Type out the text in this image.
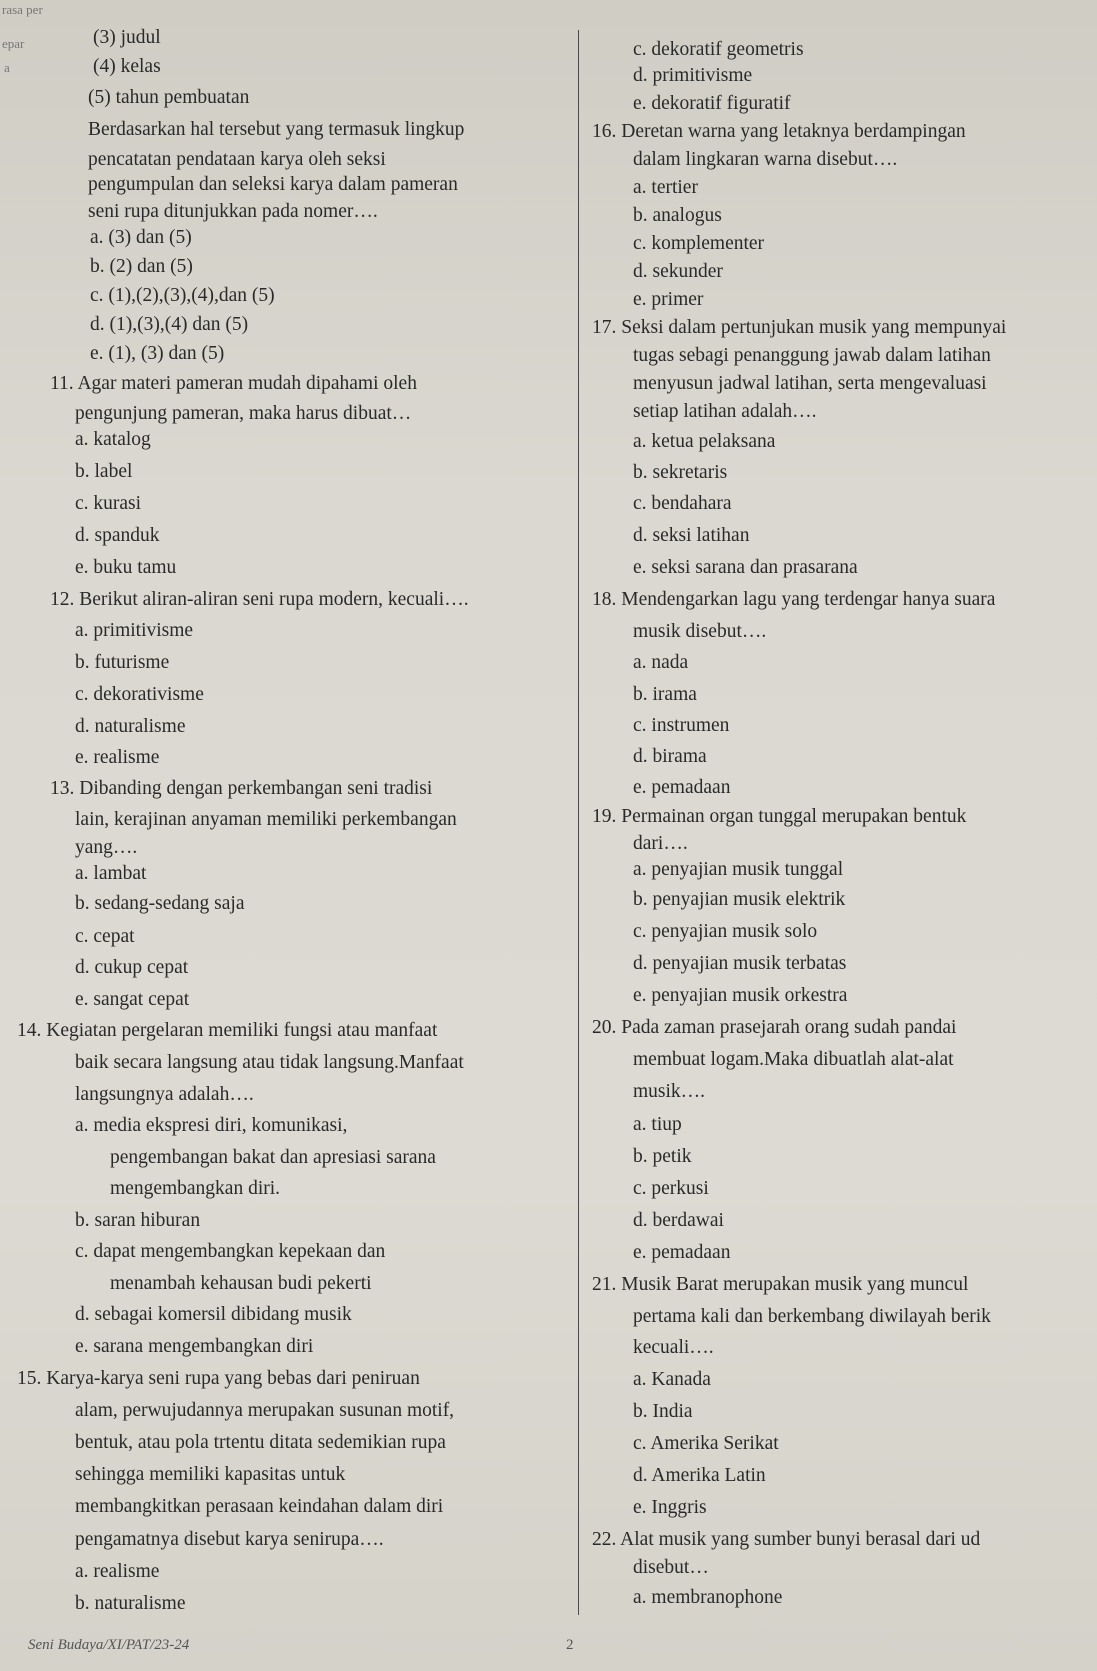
rasa per
epar
a
(3) judul
(4) kelas
(5) tahun pembuatan
Berdasarkan hal tersebut yang termasuk lingkup
pencatatan pendataan karya oleh seksi
pengumpulan dan seleksi karya dalam pameran
seni rupa ditunjukkan pada nomer….
a. (3) dan (5)
b. (2) dan (5)
c. (1),(2),(3),(4),dan (5)
d. (1),(3),(4) dan (5)
e. (1), (3) dan (5)
11. Agar materi pameran mudah dipahami oleh
pengunjung pameran, maka harus dibuat…
a. katalog
b. label
c. kurasi
d. spanduk
e. buku tamu
12. Berikut aliran-aliran seni rupa modern, kecuali….
a. primitivisme
b. futurisme
c. dekorativisme
d. naturalisme
e. realisme
13. Dibanding dengan perkembangan seni tradisi
lain, kerajinan anyaman memiliki perkembangan
yang….
a. lambat
b. sedang-sedang saja
c. cepat
d. cukup cepat
e. sangat cepat
14. Kegiatan pergelaran memiliki fungsi atau manfaat
baik secara langsung atau tidak langsung.Manfaat
langsungnya adalah….
a. media ekspresi diri, komunikasi,
pengembangan bakat dan apresiasi sarana
mengembangkan diri.
b. saran hiburan
c. dapat mengembangkan kepekaan dan
menambah kehausan budi pekerti
d. sebagai komersil dibidang musik
e. sarana mengembangkan diri
15. Karya-karya seni rupa yang bebas dari peniruan
alam, perwujudannya merupakan susunan motif,
bentuk, atau pola trtentu ditata sedemikian rupa
sehingga memiliki kapasitas untuk
membangkitkan perasaan keindahan dalam diri
pengamatnya disebut karya senirupa….
a. realisme
b. naturalisme
c. dekoratif geometris
d. primitivisme
e. dekoratif figuratif
16. Deretan warna yang letaknya berdampingan
dalam lingkaran warna disebut….
a. tertier
b. analogus
c. komplementer
d. sekunder
e. primer
17. Seksi dalam pertunjukan musik yang mempunyai
tugas sebagi penanggung jawab dalam latihan
menyusun jadwal latihan, serta mengevaluasi
setiap latihan adalah….
a. ketua pelaksana
b. sekretaris
c. bendahara
d. seksi latihan
e. seksi sarana dan prasarana
18. Mendengarkan lagu yang terdengar hanya suara
musik disebut….
a. nada
b. irama
c. instrumen
d. birama
e. pemadaan
19. Permainan organ tunggal merupakan bentuk
dari….
a. penyajian musik tunggal
b. penyajian musik elektrik
c. penyajian musik solo
d. penyajian musik terbatas
e. penyajian musik orkestra
20. Pada zaman prasejarah orang sudah pandai
membuat logam.Maka dibuatlah alat-alat
musik….
a. tiup
b. petik
c. perkusi
d. berdawai
e. pemadaan
21. Musik Barat merupakan musik yang muncul
pertama kali dan berkembang diwilayah berik
kecuali….
a. Kanada
b. India
c. Amerika Serikat
d. Amerika Latin
e. Inggris
22. Alat musik yang sumber bunyi berasal dari ud
disebut…
a. membranophone
Seni Budaya/XI/PAT/23-24	2
